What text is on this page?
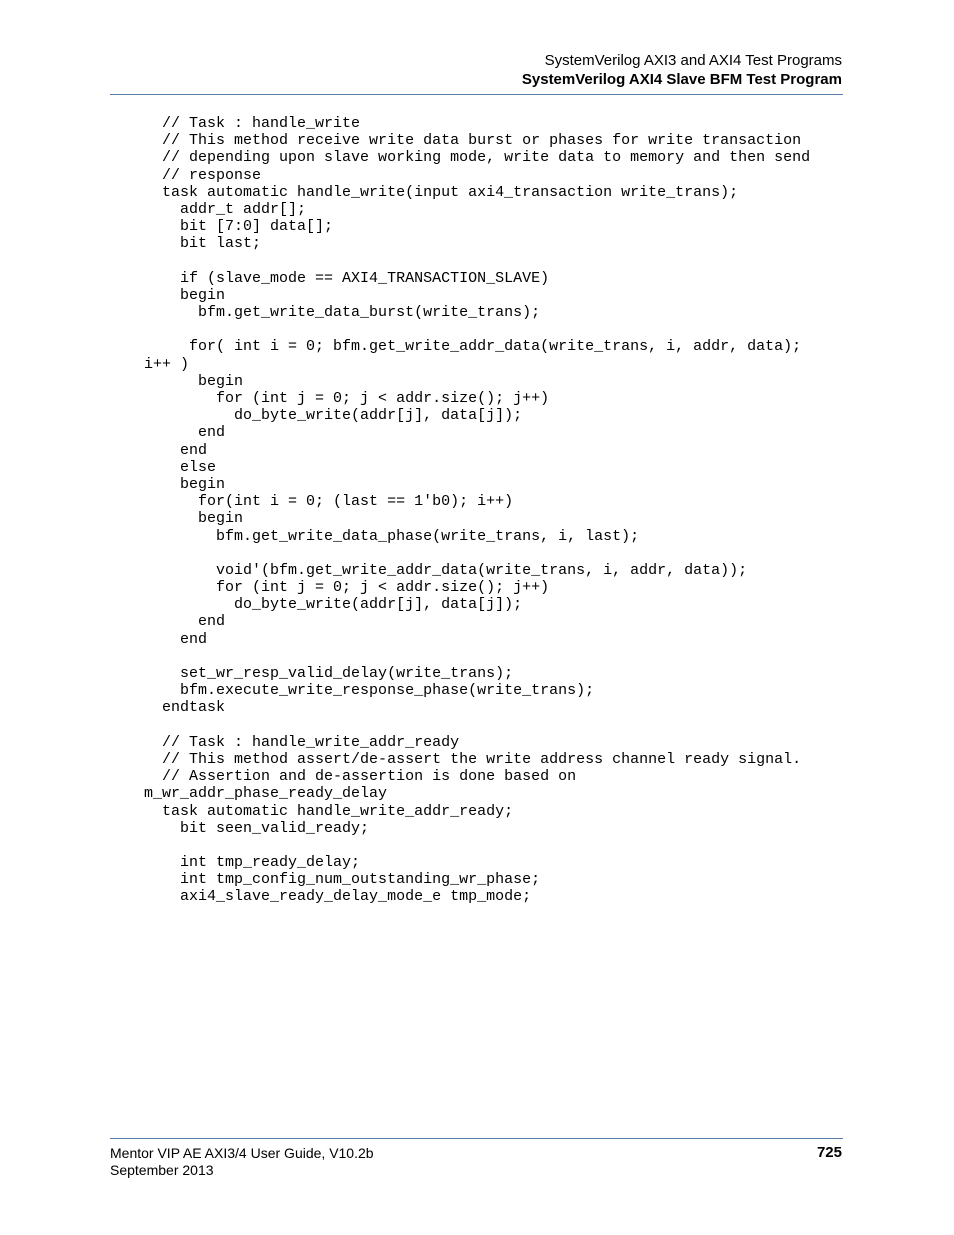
SystemVerilog AXI3 and AXI4 Test Programs
SystemVerilog AXI4 Slave BFM Test Program
// Task : handle_write
// This method receive write data burst or phases for write transaction
// depending upon slave working mode, write data to memory and then send
// response
task automatic handle_write(input axi4_transaction write_trans);
addr_t addr[];
bit [7:0] data[];
bit last;
if (slave_mode == AXI4_TRANSACTION_SLAVE)
begin
bfm.get_write_data_burst(write_trans);
for( int i = 0; bfm.get_write_addr_data(write_trans, i, addr, data);
i++ )
begin
for (int j = 0; j < addr.size(); j++)
do_byte_write(addr[j], data[j]);
end
end
else
begin
for(int i = 0; (last == 1'b0); i++)
begin
bfm.get_write_data_phase(write_trans, i, last);
void'(bfm.get_write_addr_data(write_trans, i, addr, data));
for (int j = 0; j < addr.size(); j++)
do_byte_write(addr[j], data[j]);
end
end
set_wr_resp_valid_delay(write_trans);
bfm.execute_write_response_phase(write_trans);
endtask
// Task : handle_write_addr_ready
// This method assert/de-assert the write address channel ready signal.
// Assertion and de-assertion is done based on
m_wr_addr_phase_ready_delay
task automatic handle_write_addr_ready;
bit seen_valid_ready;
int tmp_ready_delay;
int tmp_config_num_outstanding_wr_phase;
axi4_slave_ready_delay_mode_e tmp_mode;
Mentor VIP AE AXI3/4 User Guide, V10.2b
September 2013
725
